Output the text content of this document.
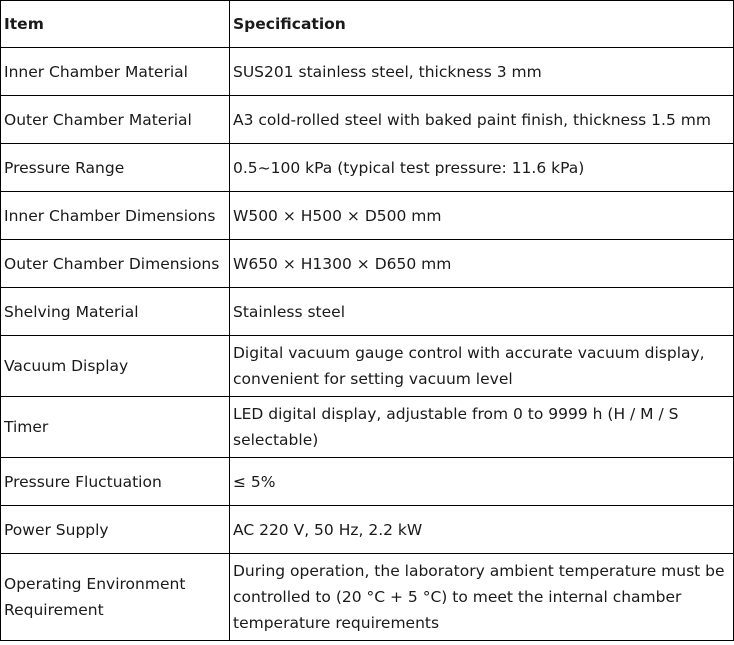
Item	Specification
Inner Chamber Material	SUS201 stainless steel, thickness 3 mm
Outer Chamber Material	A3 cold-rolled steel with baked paint finish, thickness 1.5 mm
Pressure Range	0.5~100 kPa (typical test pressure: 11.6 kPa)
Inner Chamber Dimensions	W500 × H500 × D500 mm
Outer Chamber Dimensions	W650 × H1300 × D650 mm
Shelving Material	Stainless steel
Vacuum Display	Digital vacuum gauge control with accurate vacuum display, convenient for setting vacuum level
Timer	LED digital display, adjustable from 0 to 9999 h (H / M / S selectable)
Pressure Fluctuation	≤ 5%
Power Supply	AC 220 V, 50 Hz, 2.2 kW
Operating Environment Requirement	During operation, the laboratory ambient temperature must be controlled to (20 °C + 5 °C) to meet the internal chamber temperature requirements
